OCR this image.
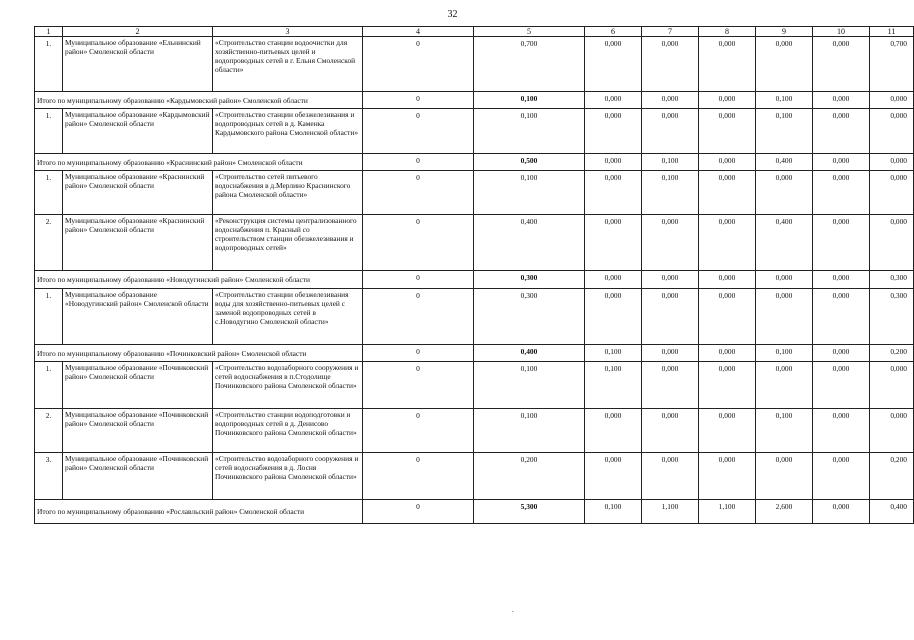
32
1	2	3	4	5	6	7	8	9	10	11
1.	Муниципальное образование «Ельнинский район» Смоленской области	«Строительство станции водоочистки для хозяйственно-питьевых целей и водопроводных сетей в г. Ельня Смоленской области»	0	0,700	0,000	0,000	0,000	0,000	0,000	0,700
Итого по муниципальному образованию «Кардымовский район» Смоленской области			0	0,100	0,000	0,000	0,000	0,100	0,000	0,000
1.	Муниципальное образование «Кардымовский район» Смоленской области	«Строительство станции обезжелезивания и водопроводных сетей в д. Каменка Кардымовского района Смоленской области»	0	0,100	0,000	0,000	0,000	0,100	0,000	0,000
Итого по муниципальному образованию «Краснинский район» Смоленской области			0	0,500	0,000	0,100	0,000	0,400	0,000	0,000
1.	Муниципальное образование «Краснинский район» Смоленской области	«Строительство сетей питьевого водоснабжения в д.Мерлино Краснинского района Смоленской области»	0	0,100	0,000	0,100	0,000	0,000	0,000	0,000
2.	Муниципальное образование «Краснинский район» Смоленской области	«Реконструкция системы централизованного водоснабжения п. Красный со строительством станции обезжелезивания и водопроводных сетей»	0	0,400	0,000	0,000	0,000	0,400	0,000	0,000
Итого по муниципальному образованию «Новодугинский район» Смоленской области			0	0,300	0,000	0,000	0,000	0,000	0,000	0,300
1.	Муниципальное образование «Новодугинский район» Смоленской области	«Строительство станции обезжелезивания воды для хозяйственно-питьевых целей с заменой водопроводных сетей в с.Новодугино Смоленской области»	0	0,300	0,000	0,000	0,000	0,000	0,000	0,300
Итого по муниципальному образованию «Починковский район» Смоленской области			0	0,400	0,100	0,000	0,000	0,100	0,000	0,200
1.	Муниципальное образование «Починковский район» Смоленской области	«Строительство водозаборного сооружения и сетей водоснабжения в п.Стодолище Починковского района Смоленской области»	0	0,100	0,100	0,000	0,000	0,000	0,000	0,000
2.	Муниципальное образование «Починковский район» Смоленской области	«Строительство станции водоподготовки и водопроводных сетей в д. Денисово Починковского района Смоленской области»	0	0,100	0,000	0,000	0,000	0,100	0,000	0,000
3.	Муниципальное образование «Починковский район» Смоленской области	«Строительство водозаборного сооружения и сетей водоснабжения в д. Лосня Починковского района Смоленской области»	0	0,200	0,000	0,000	0,000	0,000	0,000	0,200
Итого по муниципальному образованию «Рославльский район» Смоленской области			0	5,300	0,100	1,100	1,100	2,600	0,000	0,400
.
